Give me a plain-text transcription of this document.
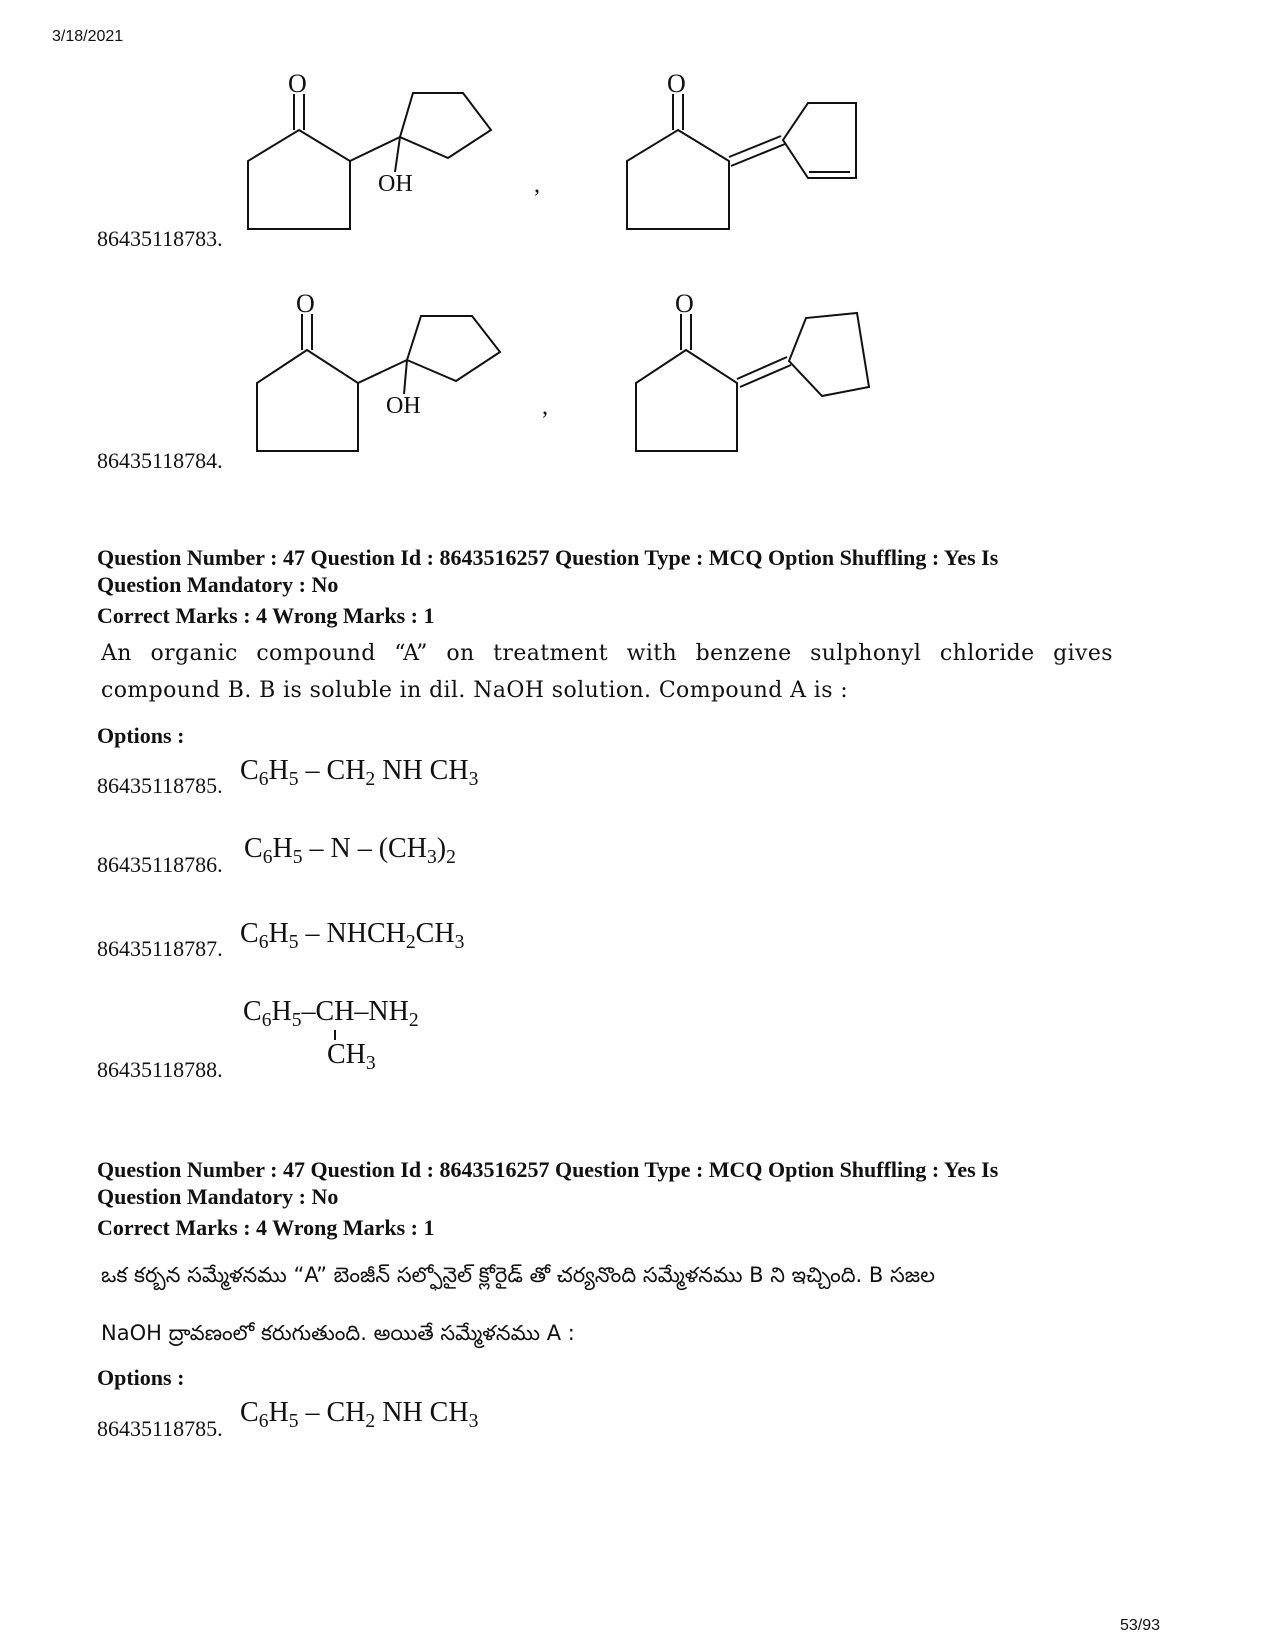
3/18/2021
53/93
86435118783.
O
OH	,
O
O
OH	,
O
86435118784.
Question Number : 47 Question Id : 8643516257 Question Type : MCQ Option Shuffling : Yes Is
Question Mandatory : No
Correct Marks : 4 Wrong Marks : 1
An organic compound “A” on treatment with benzene sulphonyl chloride gives
compound B. B is soluble in dil. NaOH solution. Compound A is :
Options :
86435118785. $C_6H_5 - CH_2$ NH $CH_3$
86435118786.
$C_6H_5$ – N – $(CH_3)_2$
86435118787. $C_6H_5$ – $NHCH_2CH_3$
86435118788.
$C_6H_5-CH-NH_2$
$CH_3$
Question Number : 47 Question Id : 8643516257 Question Type : MCQ Option Shuffling : Yes Is
Question Mandatory : No
Correct Marks : 4 Wrong Marks : 1
ఒక కర్బన సమ్మేళనము “A” బెంజీన్ సల్ఫోనైల్ క్లోరైడ్ తో చర్యనొంది సమ్మేళనము B ని ఇచ్చింది. B సజల
NaOH ద్రావణంలో కరుగుతుంది. అయితే సమ్మేళనము A :
Options :
86435118785.
$C_6H_5 - CH_2$ NH $CH_3$
